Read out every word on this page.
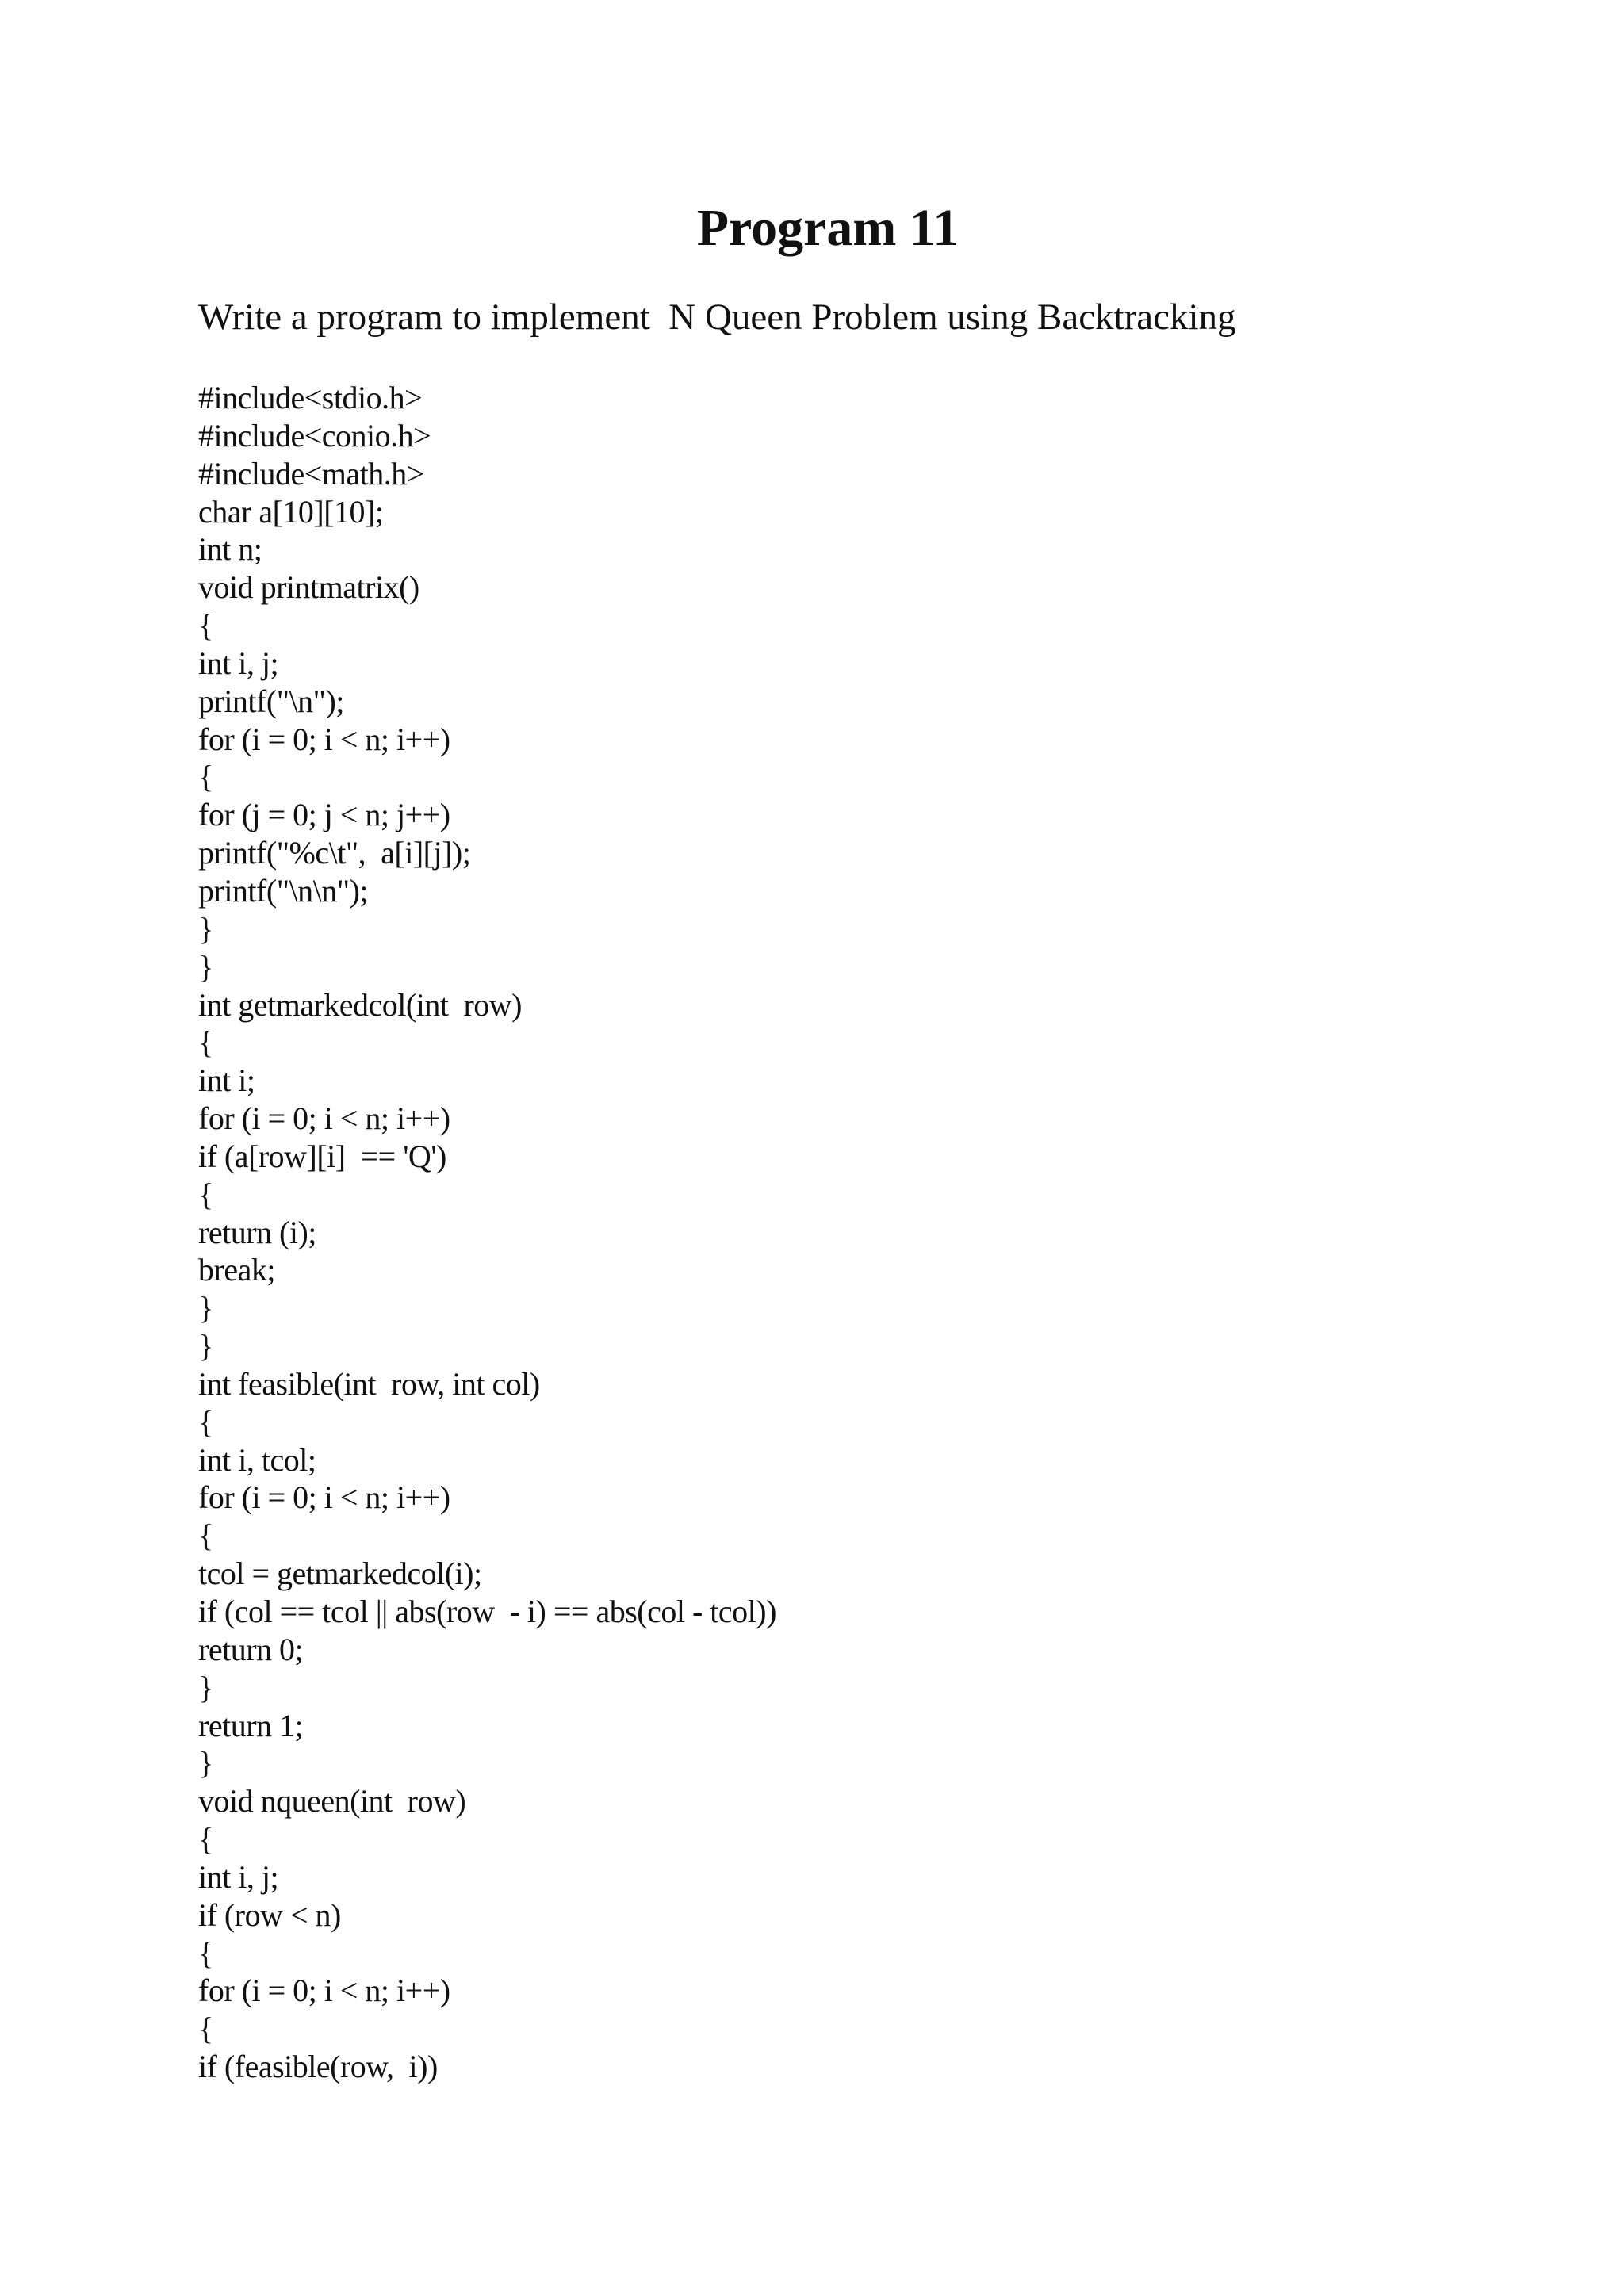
Program 11

Write a program to implement  N Queen Problem using Backtracking

#include<stdio.h>
#include<conio.h>
#include<math.h>
char a[10][10];
int n;
void printmatrix()
{
int i, j;
printf("\n");
for (i = 0; i < n; i++)
{
for (j = 0; j < n; j++)
printf("%c\t",  a[i][j]);
printf("\n\n");
}
}
int getmarkedcol(int  row)
{
int i;
for (i = 0; i < n; i++)
if (a[row][i]  == 'Q')
{
return (i);
break;
}
}
int feasible(int  row, int col)
{
int i, tcol;
for (i = 0; i < n; i++)
{
tcol = getmarkedcol(i);
if (col == tcol || abs(row  - i) == abs(col - tcol))
return 0;
}
return 1;
}
void nqueen(int  row)
{
int i, j;
if (row < n)
{
for (i = 0; i < n; i++)
{
if (feasible(row,  i))
